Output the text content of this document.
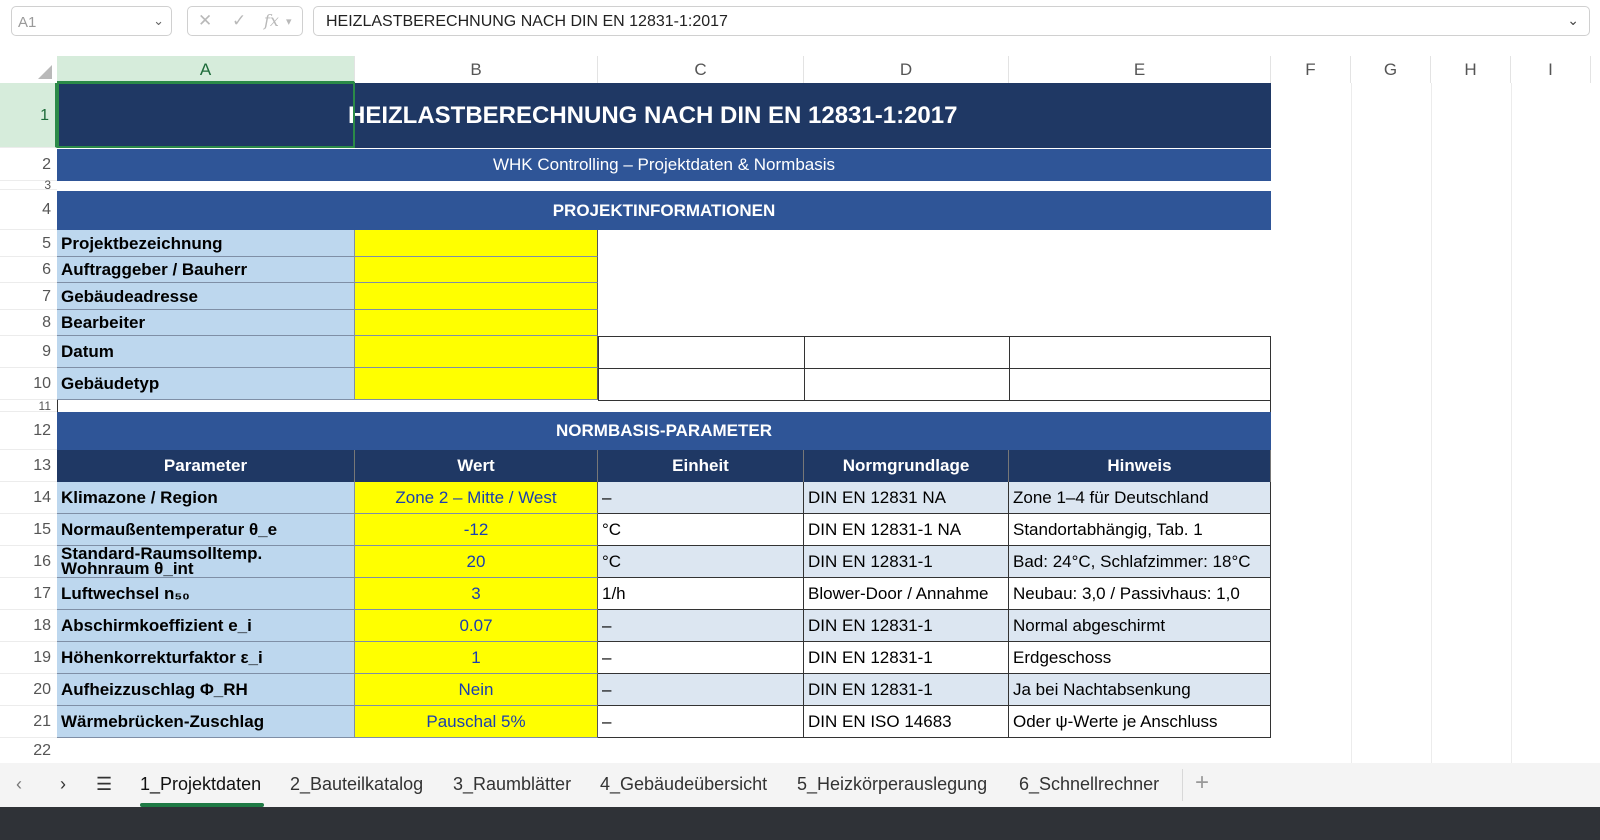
A1	⌄ ✕ ✓ fx ▾	HEIZLASTBERECHNUNG NACH DIN EN 12831-1:2017	⌄
A	B	C	D	E	F	G	H	I
1
2
3
4
5
6
7
8
9
10
11
12
13
14
15
16
17
18
19
20
21
22
HEIZLASTBERECHNUNG NACH DIN EN 12831-1:2017
WHK Controlling – Projektdaten & Normbasis
PROJEKTINFORMATIONEN
Projektbezeichnung
Auftraggeber / Bauherr
Gebäudeadresse
Bearbeiter
Datum
Gebäudetyp
NORMBASIS-PARAMETER
Parameter	Wert	Einheit	Normgrundlage	Hinweis
Klimazone / Region	Zone 2 – Mitte / West	–	DIN EN 12831 NA	Zone 1–4 für Deutschland
Normaußentemperatur θ_e	-12	°C	DIN EN 12831-1 NA	Standortabhängig, Tab. 1
Standard-Raumsolltemp. Wohnraum θ_int	20	°C	DIN EN 12831-1	Bad: 24°C, Schlafzimmer: 18°C
Luftwechsel n₅₀	3	1/h	Blower-Door / Annahme	Neubau: 3,0 / Passivhaus: 1,0
Abschirmkoeffizient e_i	0.07	–	DIN EN 12831-1	Normal abgeschirmt
Höhenkorrekturfaktor ε_i	1	–	DIN EN 12831-1	Erdgeschoss
Aufheizzuschlag Φ_RH	Nein	–	DIN EN 12831-1	Ja bei Nachtabsenkung
Wärmebrücken-Zuschlag	Pauschal 5%	–	DIN EN ISO 14683	Oder ψ-Werte je Anschluss
‹ › ☰ 1_Projektdaten 2_Bauteilkatalog 3_Raumblätter 4_Gebäudeübersicht 5_Heizkörperauslegung 6_Schnellrechner +
